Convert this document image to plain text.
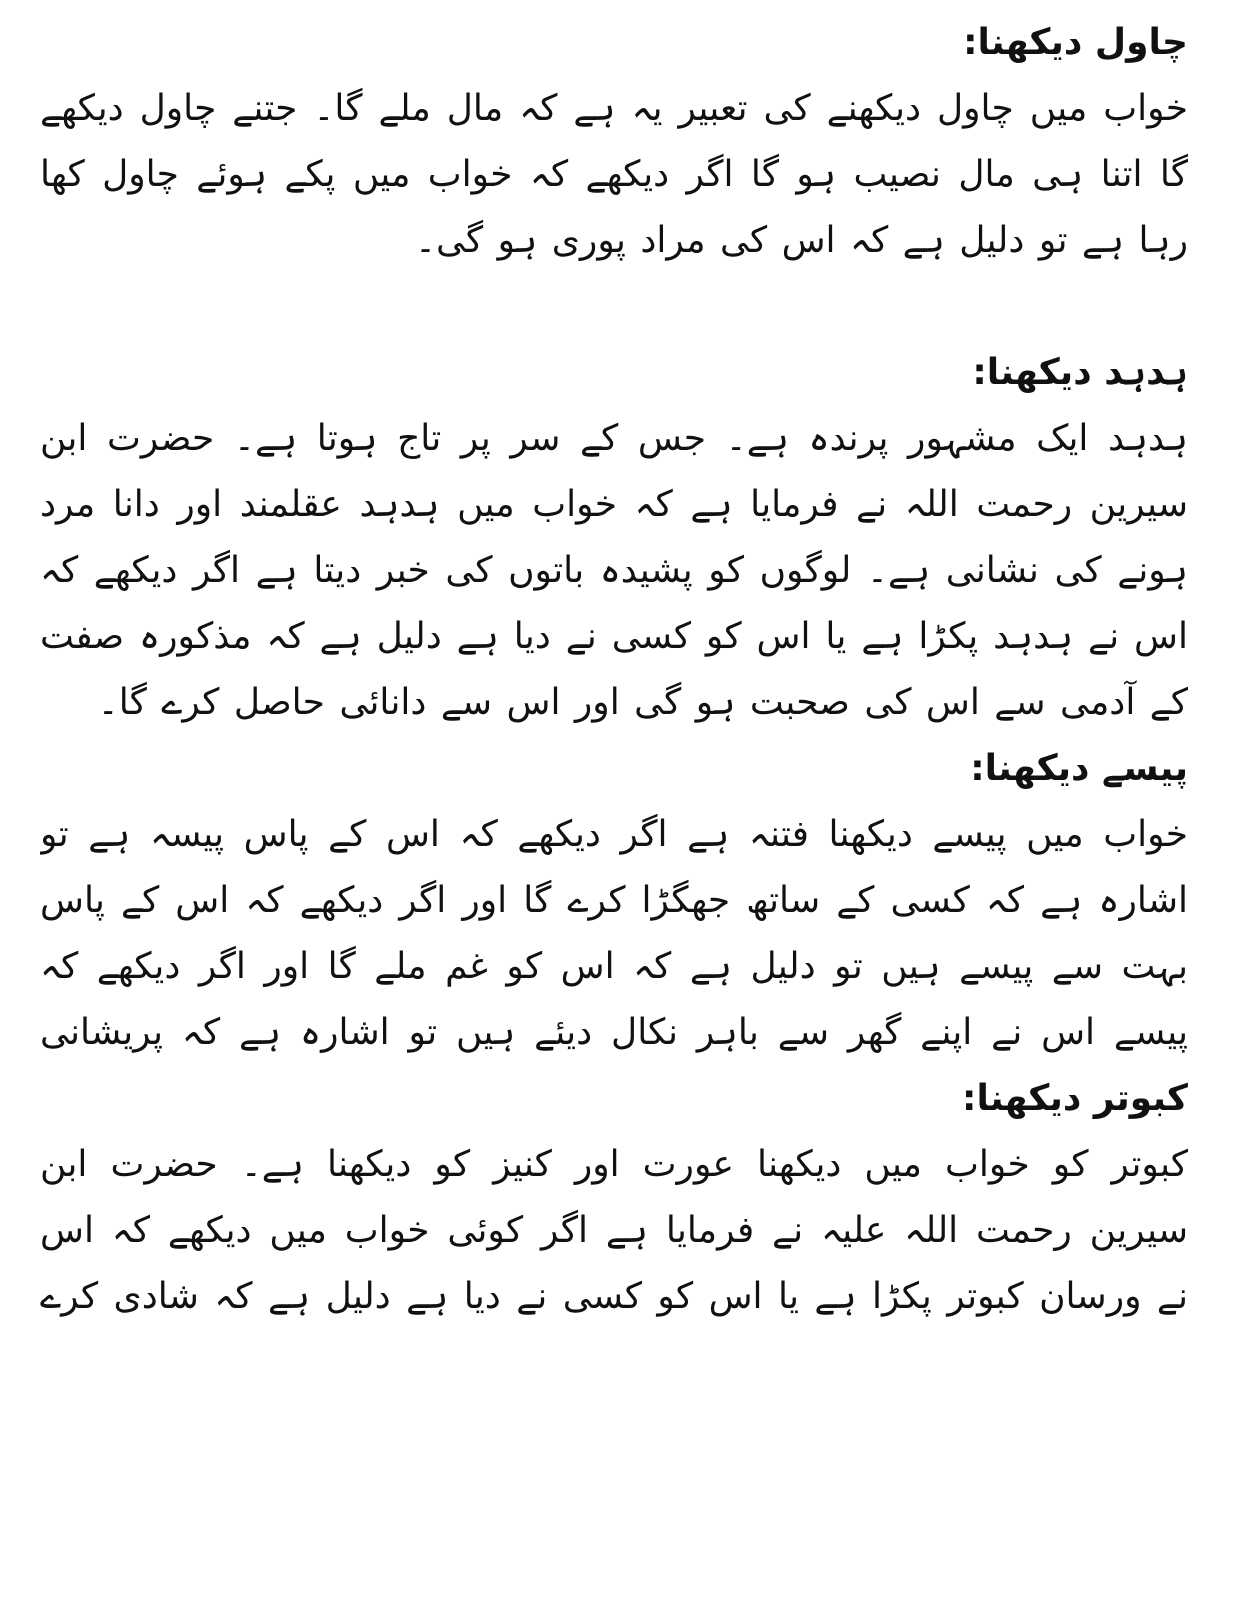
چاول دیکھنا:

خواب میں چاول دیکھنے کی تعبیر یہ ہے کہ مال ملے گا۔ جتنے چاول دیکھے گا اتنا ہی مال نصیب ہو گا اگر دیکھے کہ خواب میں پکے ہوئے چاول کھا رہا ہے تو دلیل ہے کہ اس کی مراد پوری ہو گی۔

ہدہد دیکھنا:

ہدہد ایک مشہور پرندہ ہے۔ جس کے سر پر تاج ہوتا ہے۔ حضرت ابن سیرین رحمت اللہ نے فرمایا ہے کہ خواب میں ہدہد عقلمند اور دانا مرد ہونے کی نشانی ہے۔ لوگوں کو پشیدہ باتوں کی خبر دیتا ہے اگر دیکھے کہ اس نے ہدہد پکڑا ہے یا اس کو کسی نے دیا ہے دلیل ہے کہ مذکورہ صفت کے آدمی سے اس کی صحبت ہو گی اور اس سے دانائی حاصل کرے گا۔

پیسے دیکھنا:

خواب میں پیسے دیکھنا فتنہ ہے اگر دیکھے کہ اس کے پاس پیسہ ہے تو اشارہ ہے کہ کسی کے ساتھ جھگڑا کرے گا اور اگر دیکھے کہ اس کے پاس بہت سے پیسے ہیں تو دلیل ہے کہ اس کو غم ملے گا اور اگر دیکھے کہ پیسے اس نے اپنے گھر سے باہر نکال دیئے ہیں تو اشارہ ہے کہ پریشانی

کبوتر دیکھنا:

کبوتر کو خواب میں دیکھنا عورت اور کنیز کو دیکھنا ہے۔ حضرت ابن سیرین رحمت اللہ علیہ نے فرمایا ہے اگر کوئی خواب میں دیکھے کہ اس نے ورسان کبوتر پکڑا ہے یا اس کو کسی نے دیا ہے دلیل ہے کہ شادی کرے
